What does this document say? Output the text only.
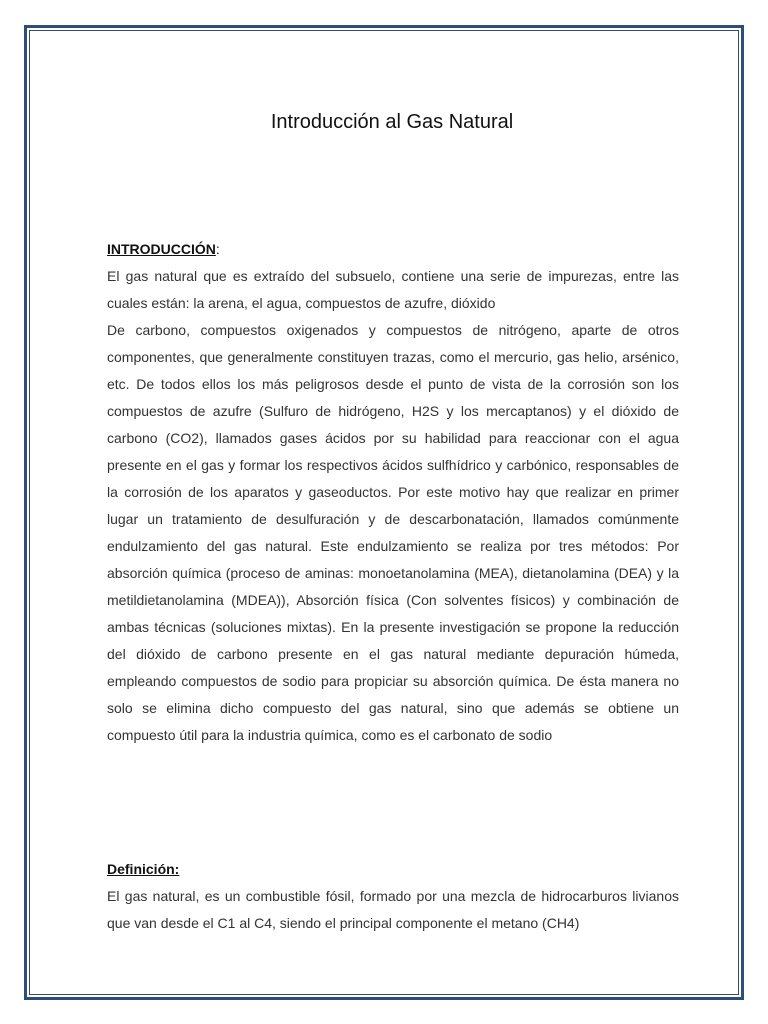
Introducción al Gas Natural
INTRODUCCIÓN:

El gas natural que es extraído del subsuelo, contiene una serie de impurezas, entre las cuales están: la arena, el agua, compuestos de azufre, dióxido

De carbono, compuestos oxigenados y compuestos de nitrógeno, aparte de otros componentes, que generalmente constituyen trazas, como el mercurio, gas helio, arsénico, etc. De todos ellos los más peligrosos desde el punto de vista de la corrosión son los compuestos de azufre (Sulfuro de hidrógeno, H2S y los mercaptanos) y el dióxido de carbono (CO2), llamados gases ácidos por su habilidad para reaccionar con el agua presente en el gas y formar los respectivos ácidos sulfhídrico y carbónico, responsables de la corrosión de los aparatos y gaseoductos. Por este motivo hay que realizar en primer lugar un tratamiento de desulfuración y de descarbonatación, llamados comúnmente endulzamiento del gas natural. Este endulzamiento se realiza por tres métodos: Por absorción química (proceso de aminas: monoetanolamina (MEA), dietanolamina (DEA) y la metildietanolamina (MDEA)), Absorción física (Con solventes físicos) y combinación de ambas técnicas (soluciones mixtas). En la presente investigación se propone la reducción del dióxido de carbono presente en el gas natural mediante depuración húmeda, empleando compuestos de sodio para propiciar su absorción química. De ésta manera no solo se elimina dicho compuesto del gas natural, sino que además se obtiene un compuesto útil para la industria química, como es el carbonato de sodio

Definición:

El gas natural, es un combustible fósil, formado por una mezcla de hidrocarburos livianos que van desde el C1 al C4, siendo el principal componente el metano (CH4)
